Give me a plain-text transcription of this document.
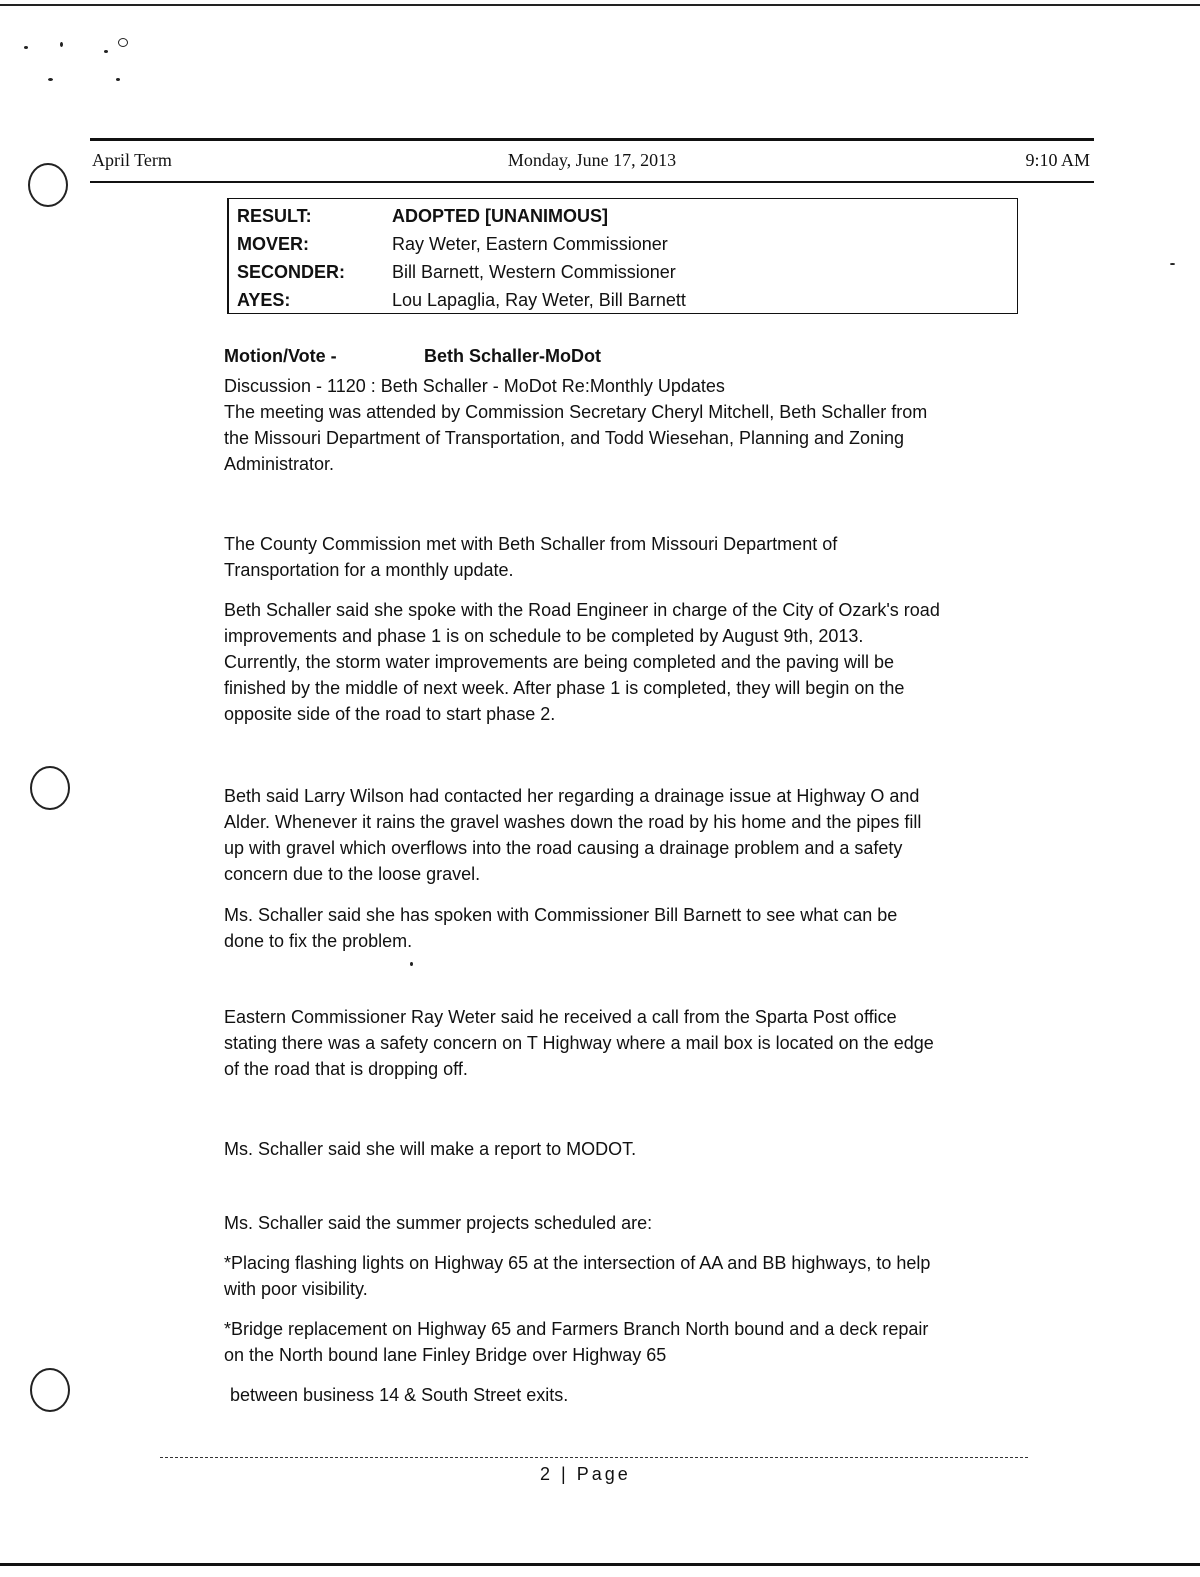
April Term	Monday, June 17, 2013	9:10 AM
RESULT:	ADOPTED [UNANIMOUS]
MOVER:	Ray Weter, Eastern Commissioner
SECONDER:	Bill Barnett, Western Commissioner
AYES:	Lou Lapaglia, Ray Weter, Bill Barnett
Motion/Vote -	Beth Schaller-MoDot
Discussion - 1120 : Beth Schaller - MoDot Re:Monthly Updates
The meeting was attended by Commission Secretary Cheryl Mitchell, Beth Schaller from
the Missouri Department of Transportation, and Todd Wiesehan, Planning and Zoning
Administrator.
The County Commission met with Beth Schaller from Missouri Department of
Transportation for a monthly update.
Beth Schaller said she spoke with the Road Engineer in charge of the City of Ozark's road
improvements and phase 1 is on schedule to be completed by August 9th, 2013.
Currently, the storm water improvements are being completed and the paving will be
finished by the middle of next week. After phase 1 is completed, they will begin on the
opposite side of the road to start phase 2.
Beth said Larry Wilson had contacted her regarding a drainage issue at Highway O and
Alder. Whenever it rains the gravel washes down the road by his home and the pipes fill
up with gravel which overflows into the road causing a drainage problem and a safety
concern due to the loose gravel.
Ms. Schaller said she has spoken with Commissioner Bill Barnett to see what can be
done to fix the problem.
Eastern Commissioner Ray Weter said he received a call from the Sparta Post office
stating there was a safety concern on T Highway where a mail box is located on the edge
of the road that is dropping off.
Ms. Schaller said she will make a report to MODOT.
Ms. Schaller said the summer projects scheduled are:
*Placing flashing lights on Highway 65 at the intersection of AA and BB highways, to help
with poor visibility.
*Bridge replacement on Highway 65 and Farmers Branch North bound and a deck repair
on the North bound lane Finley Bridge over Highway 65
between business 14 & South Street exits.
2 | Page
